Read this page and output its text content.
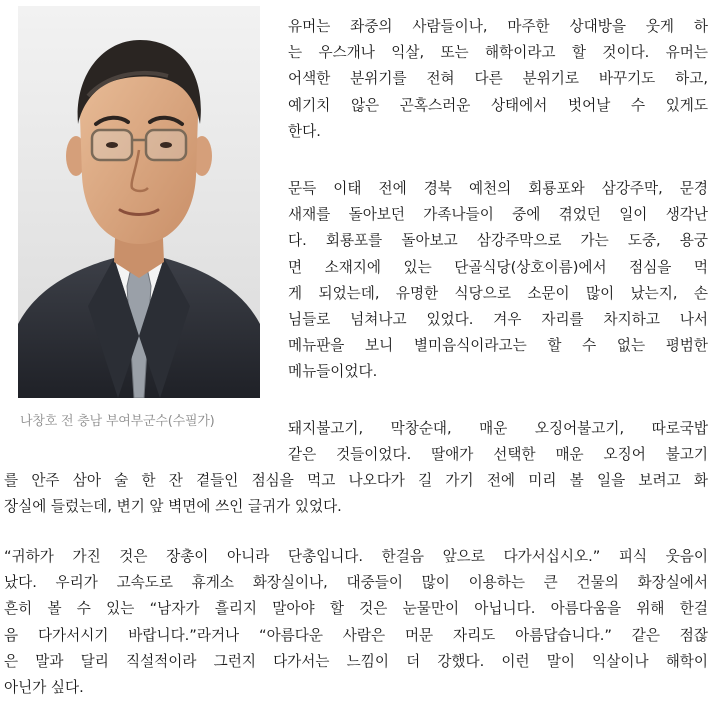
나창호 전 충남 부여부군수(수필가)

유머는 좌중의 사람들이나, 마주한 상대방을 웃게 하
는 우스개나 익살, 또는 해학이라고 할 것이다. 유머는
어색한 분위기를 전혀 다른 분위기로 바꾸기도 하고,
예기치 않은 곤혹스러운 상태에서 벗어날 수 있게도
한다.

문득 이태 전에 경북 예천의 회룡포와 삼강주막, 문경
새재를 돌아보던 가족나들이 중에 겪었던 일이 생각난
다. 회룡포를 돌아보고 삼강주막으로 가는 도중, 용궁
면 소재지에 있는 단골식당(상호이름)에서 점심을 먹
게 되었는데, 유명한 식당으로 소문이 많이 났는지, 손
님들로 넘쳐나고 있었다. 겨우 자리를 차지하고 나서
메뉴판을 보니 별미음식이라고는 할 수 없는 평범한
메뉴들이었다.

돼지불고기, 막창순대, 매운 오징어불고기, 따로국밥
같은 것들이었다. 딸애가 선택한 매운 오징어 불고기

를 안주 삼아 술 한 잔 곁들인 점심을 먹고 나오다가 길 가기 전에 미리 볼 일을 보려고 화
장실에 들렀는데, 변기 앞 벽면에 쓰인 글귀가 있었다.

“귀하가 가진 것은 장총이 아니라 단총입니다. 한걸음 앞으로 다가서십시오.” 피식 웃음이
났다. 우리가 고속도로 휴게소 화장실이나, 대중들이 많이 이용하는 큰 건물의 화장실에서
흔히 볼 수 있는 “남자가 흘리지 말아야 할 것은 눈물만이 아닙니다. 아름다움을 위해 한걸
음 다가서시기 바랍니다.”라거나 “아름다운 사람은 머문 자리도 아름답습니다.” 같은 점잖
은 말과 달리 직설적이라 그런지 다가서는 느낌이 더 강했다. 이런 말이 익살이나 해학이
아닌가 싶다.
